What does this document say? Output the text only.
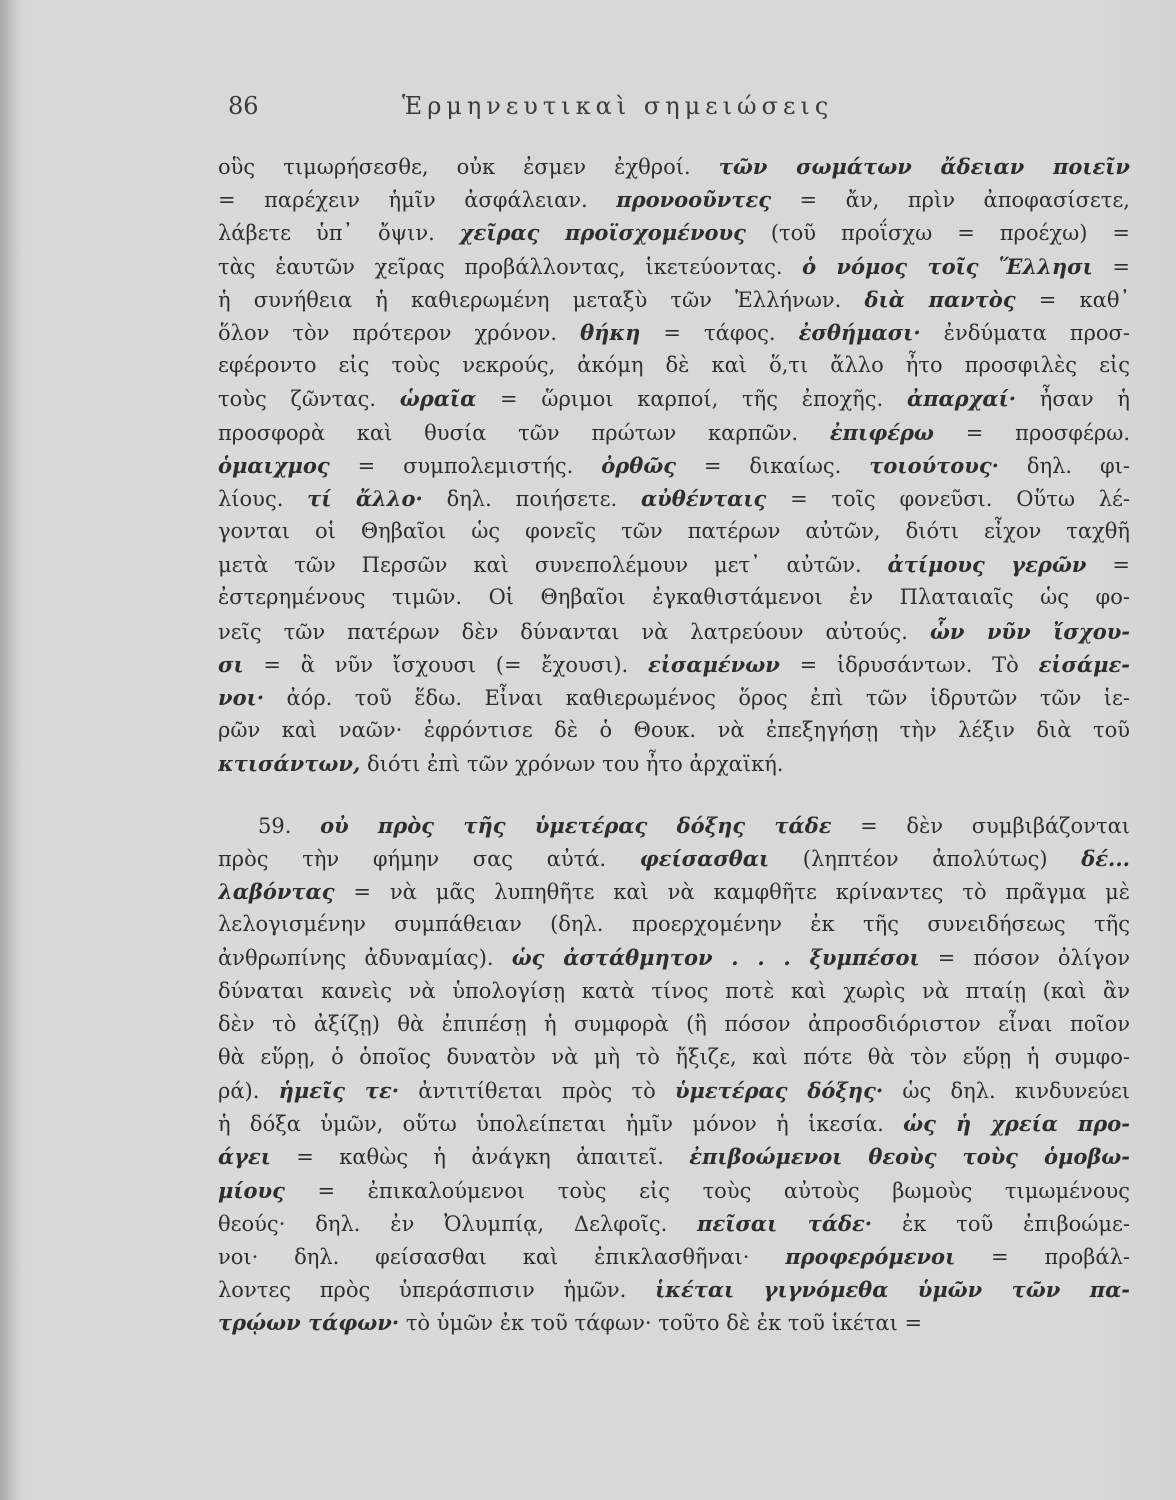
86	Ἑρμηνευτικαὶ σημειώσεις
οὓς τιμωρήσεσθε, οὐκ ἐσμεν ἐχθροί. τῶν σωμάτων ἄδειαν ποιεῖν
= παρέχειν ἡμῖν ἀσφάλειαν. προνοοῦντες = ἄν, πρὶν ἀποφασίσετε,
λάβετε ὑπ᾽ ὄψιν. χεῖρας προϊσχομένους (τοῦ προΐσχω = προέχω) =
τὰς ἑαυτῶν χεῖρας προβάλλοντας, ἱκετεύοντας. ὁ νόμος τοῖς Ἕλλησι =
ἡ συνήθεια ἡ καθιερωμένη μεταξὺ τῶν Ἑλλήνων. διὰ παντὸς = καθ᾽
ὅλον τὸν πρότερον χρόνον. θήκη = τάφος. ἐσθήμασι· ἐνδύματα προσ-
εφέροντο εἰς τοὺς νεκρούς, ἀκόμη δὲ καὶ ὅ,τι ἄλλο ἦτο προσφιλὲς εἰς
τοὺς ζῶντας. ὡραῖα = ὥριμοι καρποί, τῆς ἐποχῆς. ἀπαρχαί· ἦσαν ἡ
προσφορὰ καὶ θυσία τῶν πρώτων καρπῶν. ἐπιφέρω = προσφέρω.
ὁμαιχμος = συμπολεμιστής. ὀρθῶς = δικαίως. τοιούτους· δηλ. φι-
λίους. τί ἄλλο· δηλ. ποιήσετε. αὐθένταις = τοῖς φονεῦσι. Οὕτω λέ-
γονται οἱ Θηβαῖοι ὡς φονεῖς τῶν πατέρων αὐτῶν, διότι εἶχον ταχθῆ
μετὰ τῶν Περσῶν καὶ συνεπολέμουν μετ᾽ αὐτῶν. ἀτίμους γερῶν =
ἐστερημένους τιμῶν. Οἱ Θηβαῖοι ἐγκαθιστάμενοι ἐν Πλαταιαῖς ὡς φο-
νεῖς τῶν πατέρων δὲν δύνανται νὰ λατρεύουν αὐτούς. ὧν νῦν ἴσχου-
σι = ἃ νῦν ἴσχουσι (= ἔχουσι). εἰσαμένων = ἱδρυσάντων. Τὸ εἰσάμε-
νοι· ἀόρ. τοῦ ἕδω. Εἶναι καθιερωμένος ὅρος ἐπὶ τῶν ἱδρυτῶν τῶν ἱε-
ρῶν καὶ ναῶν· ἐφρόντισε δὲ ὁ Θουκ. νὰ ἐπεξηγήσῃ τὴν λέξιν διὰ τοῦ
κτισάντων, διότι ἐπὶ τῶν χρόνων του ἦτο ἀρχαϊκή.
59. οὐ πρὸς τῆς ὑμετέρας δόξης τάδε = δὲν συμβιβάζονται
πρὸς τὴν φήμην σας αὐτά. φείσασθαι (ληπτέον ἀπολύτως) δέ...
λαβόντας = νὰ μᾶς λυπηθῆτε καὶ νὰ καμφθῆτε κρίναντες τὸ πρᾶγμα μὲ
λελογισμένην συμπάθειαν (δηλ. προερχομένην ἐκ τῆς συνειδήσεως τῆς
ἀνθρωπίνης ἀδυναμίας). ὡς ἀστάθμητον . . . ξυμπέσοι = πόσον ὀλίγον
δύναται κανεὶς νὰ ὑπολογίσῃ κατὰ τίνος ποτὲ καὶ χωρὶς νὰ πταίῃ (καὶ ἂν
δὲν τὸ ἀξίζῃ) θὰ ἐπιπέσῃ ἡ συμφορὰ (ἢ πόσον ἀπροσδιόριστον εἶναι ποῖον
θὰ εὕρῃ, ὁ ὁποῖος δυνατὸν νὰ μὴ τὸ ἤξιζε, καὶ πότε θὰ τὸν εὕρῃ ἡ συμφο-
ρά). ἡμεῖς τε· ἀντιτίθεται πρὸς τὸ ὑμετέρας δόξης· ὡς δηλ. κινδυνεύει
ἡ δόξα ὑμῶν, οὕτω ὑπολείπεται ἡμῖν μόνον ἡ ἱκεσία. ὡς ἡ χρεία προ-
άγει = καθὼς ἡ ἀνάγκη ἀπαιτεῖ. ἐπιβοώμενοι θεοὺς τοὺς ὁμοβω-
μίους = ἐπικαλούμενοι τοὺς εἰς τοὺς αὐτοὺς βωμοὺς τιμωμένους
θεούς· δηλ. ἐν Ὀλυμπίᾳ, Δελφοῖς. πεῖσαι τάδε· ἐκ τοῦ ἐπιβοώμε-
νοι· δηλ. φείσασθαι καὶ ἐπικλασθῆναι· προφερόμενοι = προβάλ-
λοντες πρὸς ὑπεράσπισιν ἡμῶν. ἱκέται γιγνόμεθα ὑμῶν τῶν πα-
τρῴων τάφων· τὸ ὑμῶν ἐκ τοῦ τάφων· τοῦτο δὲ ἐκ τοῦ ἱκέται =
